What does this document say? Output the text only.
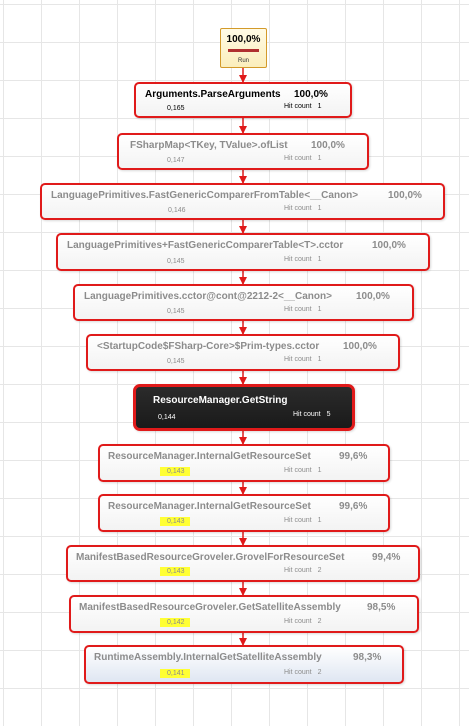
100,0%
Run
Arguments.ParseArguments 100,0%
0,165	Hit count 1
FSharpMap<TKey, TValue>.ofList 100,0%
0,147	Hit count 1
LanguagePrimitives.FastGenericComparerFromTable<__Canon>	100,0%
0,146	Hit count 1
LanguagePrimitives+FastGenericComparerTable<T>.cctor	100,0%
0,145	Hit count 1
LanguagePrimitives.cctor@cont@2212-2<__Canon> 100,0%
0,145	Hit count 1
<StartupCode$FSharp-Core>$Prim-types.cctor 100,0%
0,145	Hit count 1
ResourceManager.GetString
0,144	Hit count 5
ResourceManager.InternalGetResourceSet	99,6%
0,143	Hit count 1
ResourceManager.InternalGetResourceSet	99,6%
0,143	Hit count 1
ManifestBasedResourceGroveler.GrovelForResourceSet	99,4%
0,143	Hit count 2
ManifestBasedResourceGroveler.GetSatelliteAssembly	98,5%
0,142	Hit count 2
RuntimeAssembly.InternalGetSatelliteAssembly	98,3%
0,141	Hit count 2
